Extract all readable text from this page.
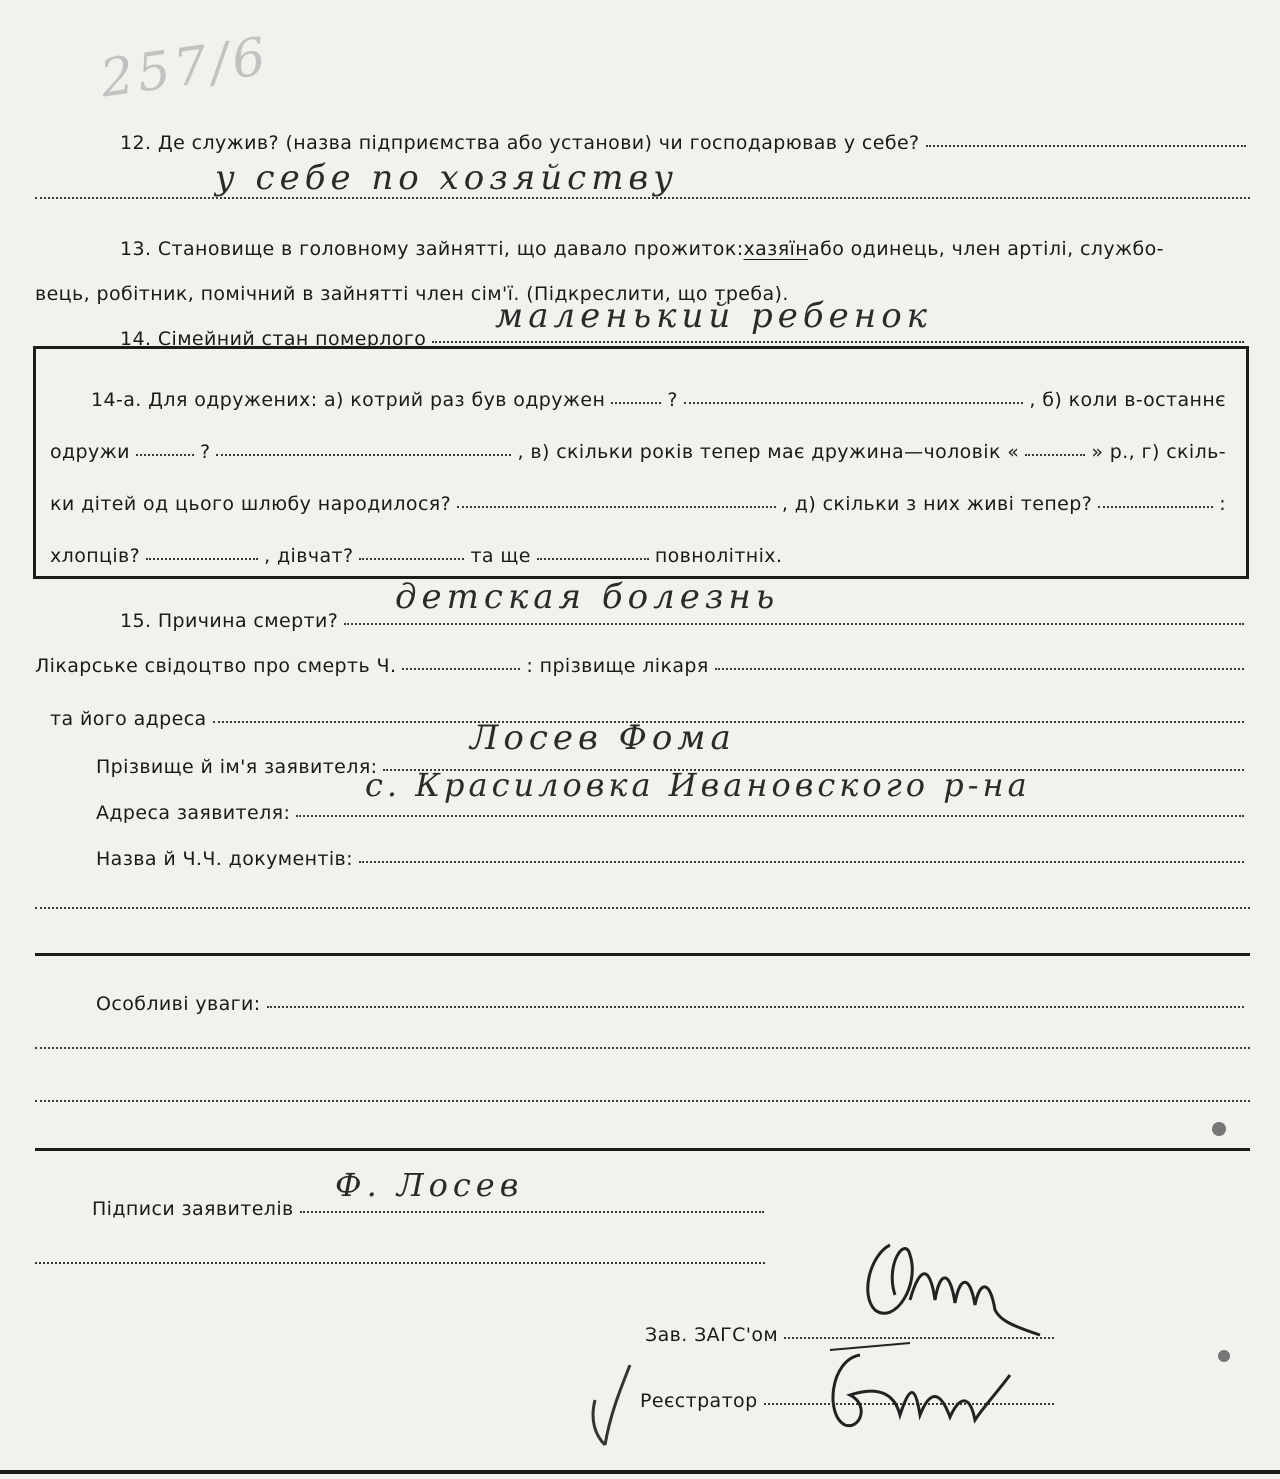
257/6
12. Де служив? (назва підприємства або установи) чи господарював у себе?
у себе по хозяйству
13. Становище в головному зайнятті, що давало прожиток: хазяїн або одинець, член артілі, службо-
вець, робітник, помічний в зайнятті член сім'ї. (Підкреслити, що треба).
14. Сімейний стан померлого
маленький ребенок
14-а. Для одружених: а) котрий раз був одружен	?	, б) коли в-останнє
одружи	?	, в) скільки років тепер має дружина—чоловік «	» р., г) скіль-
ки дітей од цього шлюбу народилося?	, д) скільки з них живі тепер?	:
хлопців?	, дівчат?	та ще	повнолітніх.
15. Причина смерти?
детская болезнь
Лікарське свідоцтво про смерть Ч.	: прізвище лікаря
та його адреса
Прізвище й ім'я заявителя:
Лосев Фома
Адреса заявителя:
с. Красиловка Ивановского р-на
Назва й Ч.Ч. документів:
Особливі уваги:
Підписи заявителів
Ф. Лосев
Зав. ЗАГС'ом
Реєстратор
